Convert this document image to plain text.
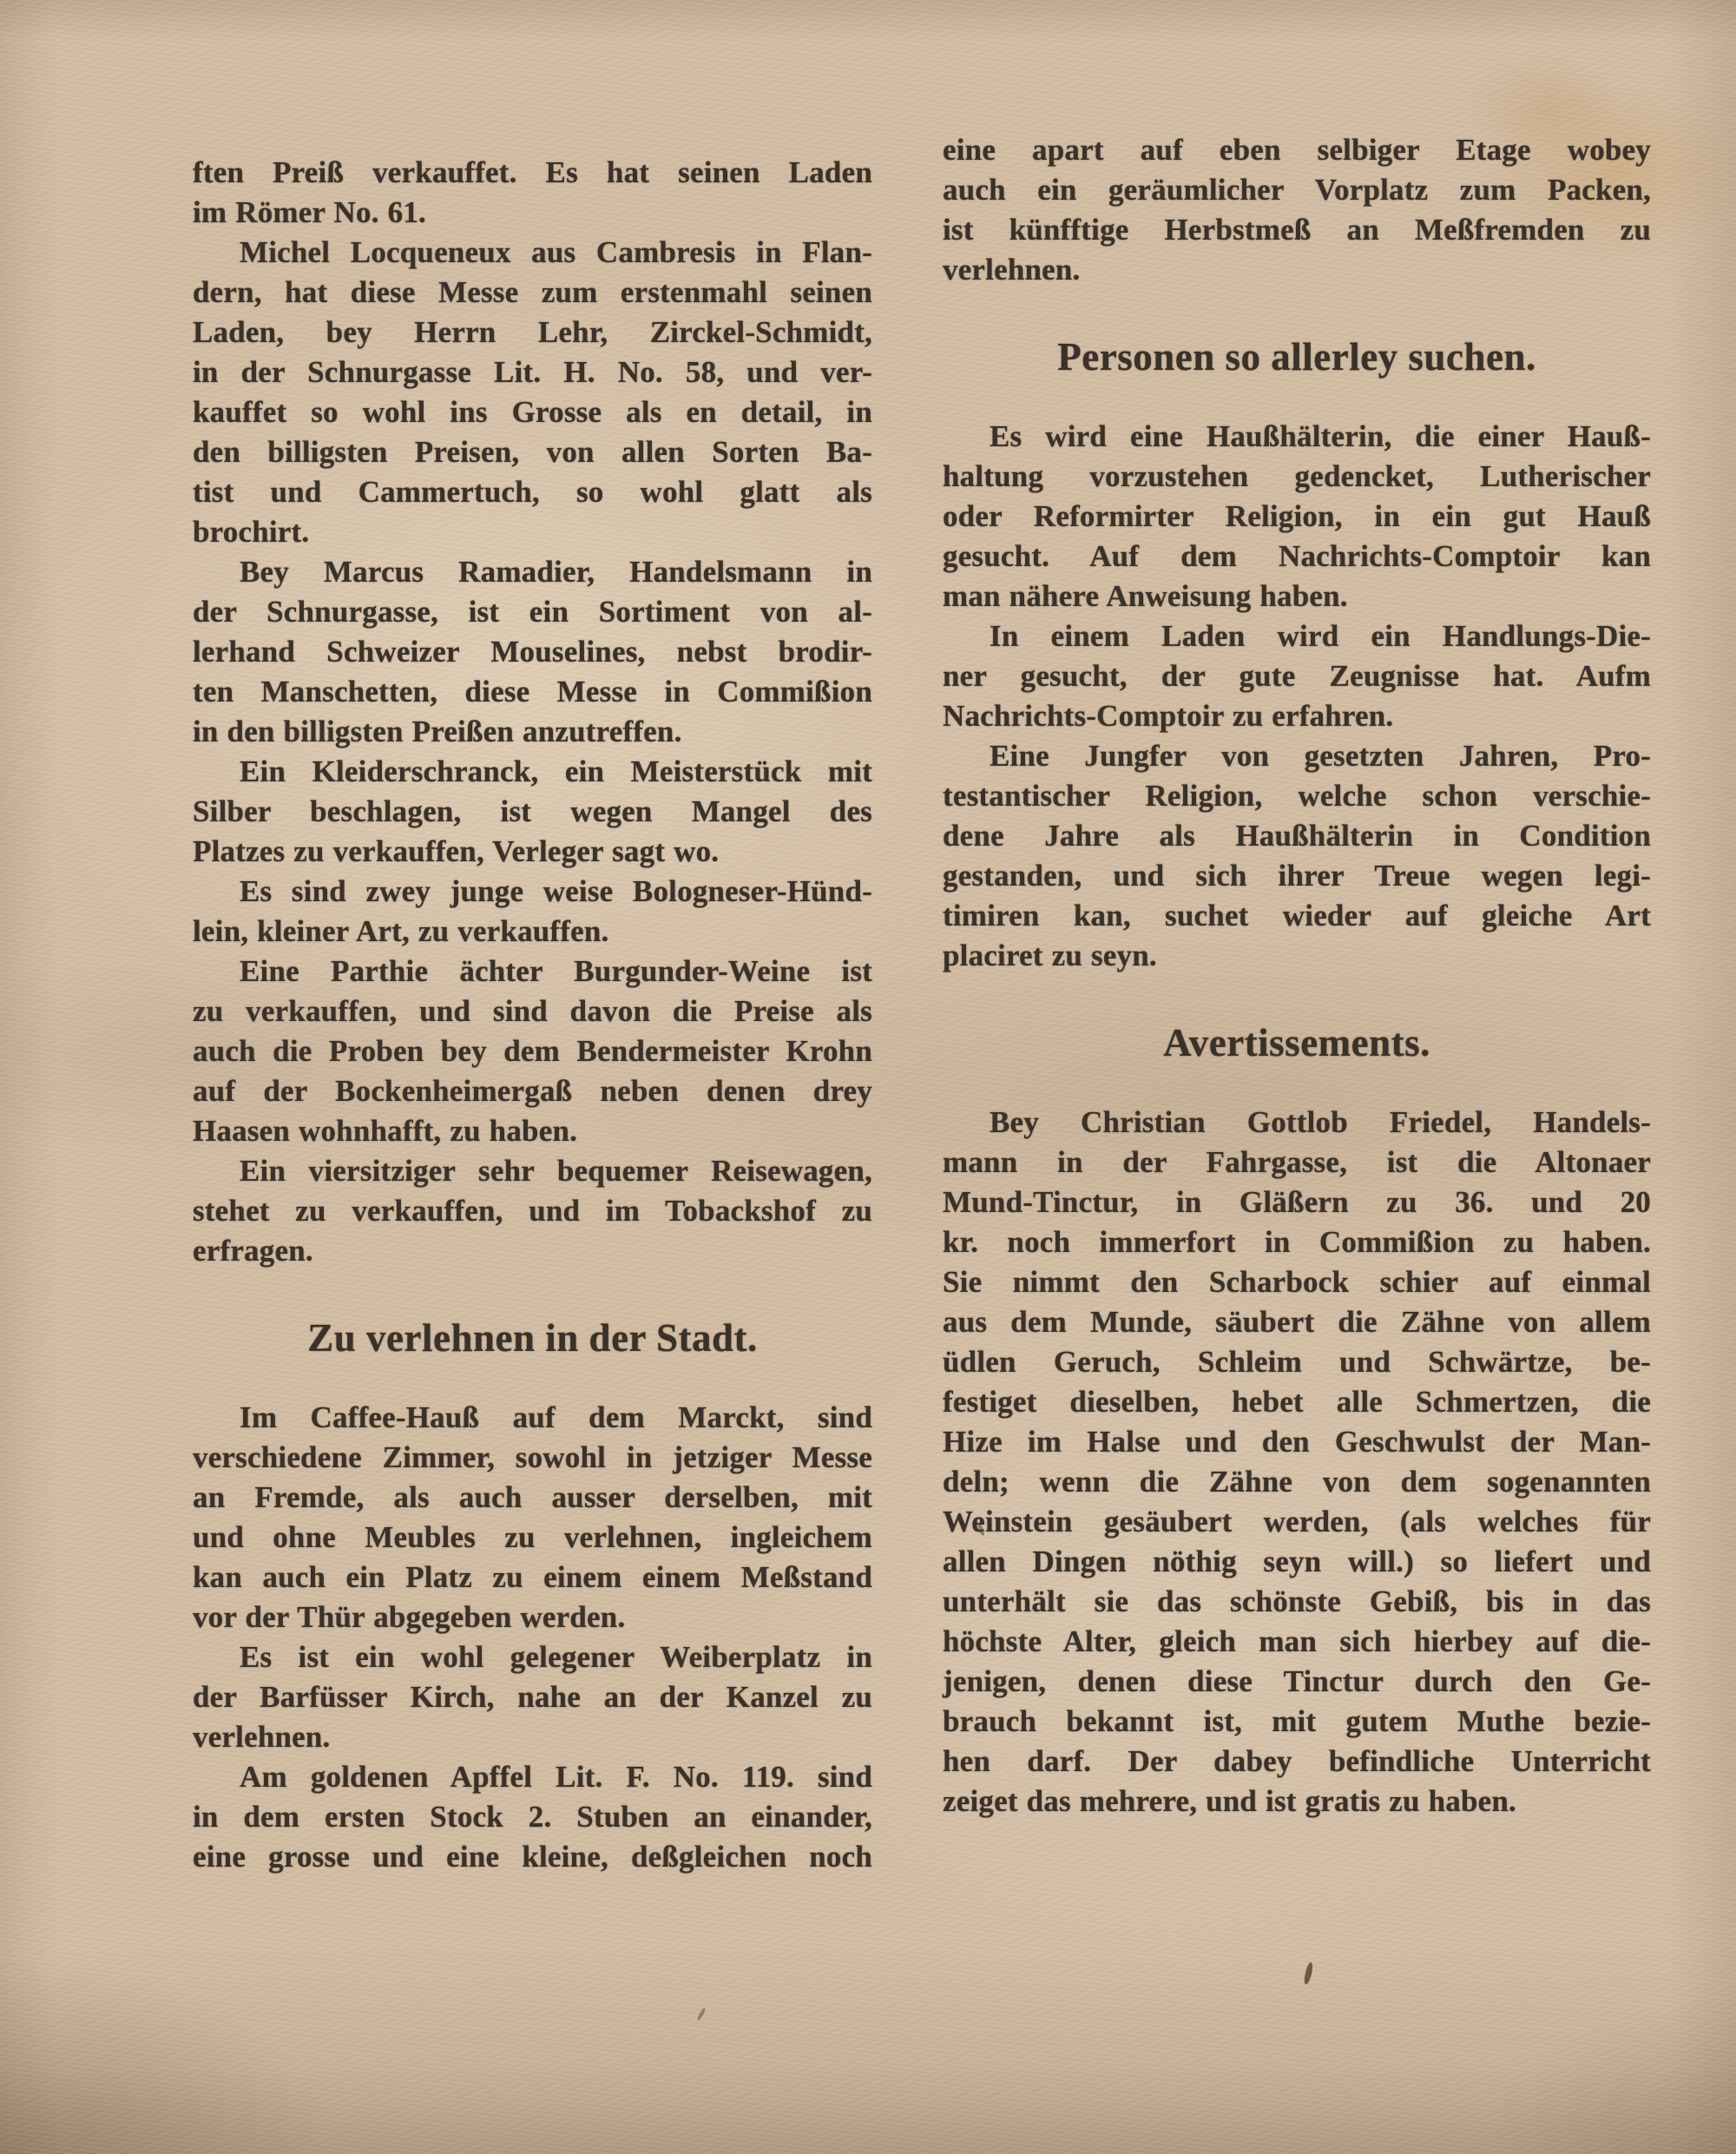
ften Preiß verkauffet. Es hat seinen Laden
im Römer No. 61.
Michel Locqueneux aus Cambresis in Flan-
dern, hat diese Messe zum erstenmahl seinen
Laden, bey Herrn Lehr, Zirckel-Schmidt,
in der Schnurgasse Lit. H. No. 58, und ver-
kauffet so wohl ins Grosse als en detail, in
den billigsten Preisen, von allen Sorten Ba-
tist und Cammertuch, so wohl glatt als
brochirt.
Bey Marcus Ramadier, Handelsmann in
der Schnurgasse, ist ein Sortiment von al-
lerhand Schweizer Mouselines, nebst brodir-
ten Manschetten, diese Messe in Commißion
in den billigsten Preißen anzutreffen.
Ein Kleiderschranck, ein Meisterstück mit
Silber beschlagen, ist wegen Mangel des
Platzes zu verkauffen, Verleger sagt wo.
Es sind zwey junge weise Bologneser-Hünd-
lein, kleiner Art, zu verkauffen.
Eine Parthie ächter Burgunder-Weine ist
zu verkauffen, und sind davon die Preise als
auch die Proben bey dem Bendermeister Krohn
auf der Bockenheimergaß neben denen drey
Haasen wohnhafft, zu haben.
Ein viersitziger sehr bequemer Reisewagen,
stehet zu verkauffen, und im Tobackshof zu
erfragen.
Zu verlehnen in der Stadt.
Im Caffee-Hauß auf dem Marckt, sind
verschiedene Zimmer, sowohl in jetziger Messe
an Fremde, als auch ausser derselben, mit
und ohne Meubles zu verlehnen, ingleichem
kan auch ein Platz zu einem einem Meßstand
vor der Thür abgegeben werden.
Es ist ein wohl gelegener Weiberplatz in
der Barfüsser Kirch, nahe an der Kanzel zu
verlehnen.
Am goldenen Apffel Lit. F. No. 119. sind
in dem ersten Stock 2. Stuben an einander,
eine grosse und eine kleine, deßgleichen noch
eine apart auf eben selbiger Etage wobey
auch ein geräumlicher Vorplatz zum Packen,
ist künfftige Herbstmeß an Meßfremden zu
verlehnen.
Personen so allerley suchen.
Es wird eine Haußhälterin, die einer Hauß-
haltung vorzustehen gedencket, Lutherischer
oder Reformirter Religion, in ein gut Hauß
gesucht. Auf dem Nachrichts-Comptoir kan
man nähere Anweisung haben.
In einem Laden wird ein Handlungs-Die-
ner gesucht, der gute Zeugnisse hat. Aufm
Nachrichts-Comptoir zu erfahren.
Eine Jungfer von gesetzten Jahren, Pro-
testantischer Religion, welche schon verschie-
dene Jahre als Haußhälterin in Condition
gestanden, und sich ihrer Treue wegen legi-
timiren kan, suchet wieder auf gleiche Art
placiret zu seyn.
Avertissements.
Bey Christian Gottlob Friedel, Handels-
mann in der Fahrgasse, ist die Altonaer
Mund-Tinctur, in Gläßern zu 36. und 20
kr. noch immerfort in Commißion zu haben.
Sie nimmt den Scharbock schier auf einmal
aus dem Munde, säubert die Zähne von allem
üdlen Geruch, Schleim und Schwärtze, be-
festiget dieselben, hebet alle Schmertzen, die
Hize im Halse und den Geschwulst der Man-
deln; wenn die Zähne von dem sogenannten
Weinstein gesäubert werden, (als welches für
allen Dingen nöthig seyn will.) so liefert und
unterhält sie das schönste Gebiß, bis in das
höchste Alter, gleich man sich hierbey auf die-
jenigen, denen diese Tinctur durch den Ge-
brauch bekannt ist, mit gutem Muthe bezie-
hen darf. Der dabey befindliche Unterricht
zeiget das mehrere, und ist gratis zu haben.
